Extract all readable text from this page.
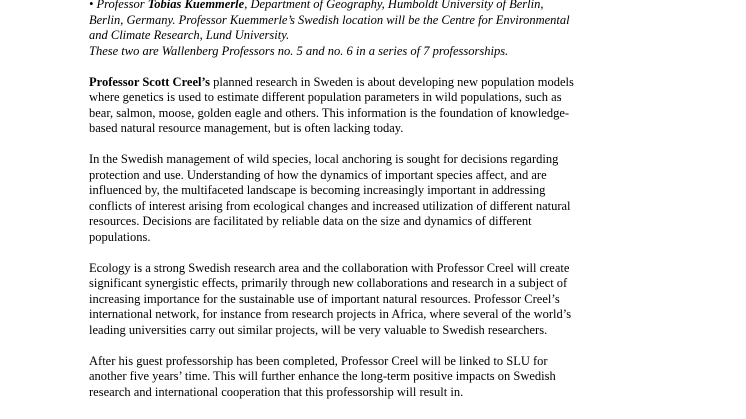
• Professor Tobias Kuemmerle, Department of Geography, Humboldt University of Berlin,
Berlin, Germany. Professor Kuemmerle’s Swedish location will be the Centre for Environmental
and Climate Research, Lund University.
These two are Wallenberg Professors no. 5 and no. 6 in a series of 7 professorships.
Professor Scott Creel’s planned research in Sweden is about developing new population models
where genetics is used to estimate different population parameters in wild populations, such as
bear, salmon, moose, golden eagle and others. This information is the foundation of knowledge-
based natural resource management, but is often lacking today.
In the Swedish management of wild species, local anchoring is sought for decisions regarding
protection and use. Understanding of how the dynamics of important species affect, and are
influenced by, the multifaceted landscape is becoming increasingly important in addressing
conflicts of interest arising from ecological changes and increased utilization of different natural
resources. Decisions are facilitated by reliable data on the size and dynamics of different
populations.
Ecology is a strong Swedish research area and the collaboration with Professor Creel will create
significant synergistic effects, primarily through new collaborations and research in a subject of
increasing importance for the sustainable use of important natural resources. Professor Creel’s
international network, for instance from research projects in Africa, where several of the world’s
leading universities carry out similar projects, will be very valuable to Swedish researchers.
After his guest professorship has been completed, Professor Creel will be linked to SLU for
another five years’ time. This will further enhance the long-term positive impacts on Swedish
research and international cooperation that this professorship will result in.
